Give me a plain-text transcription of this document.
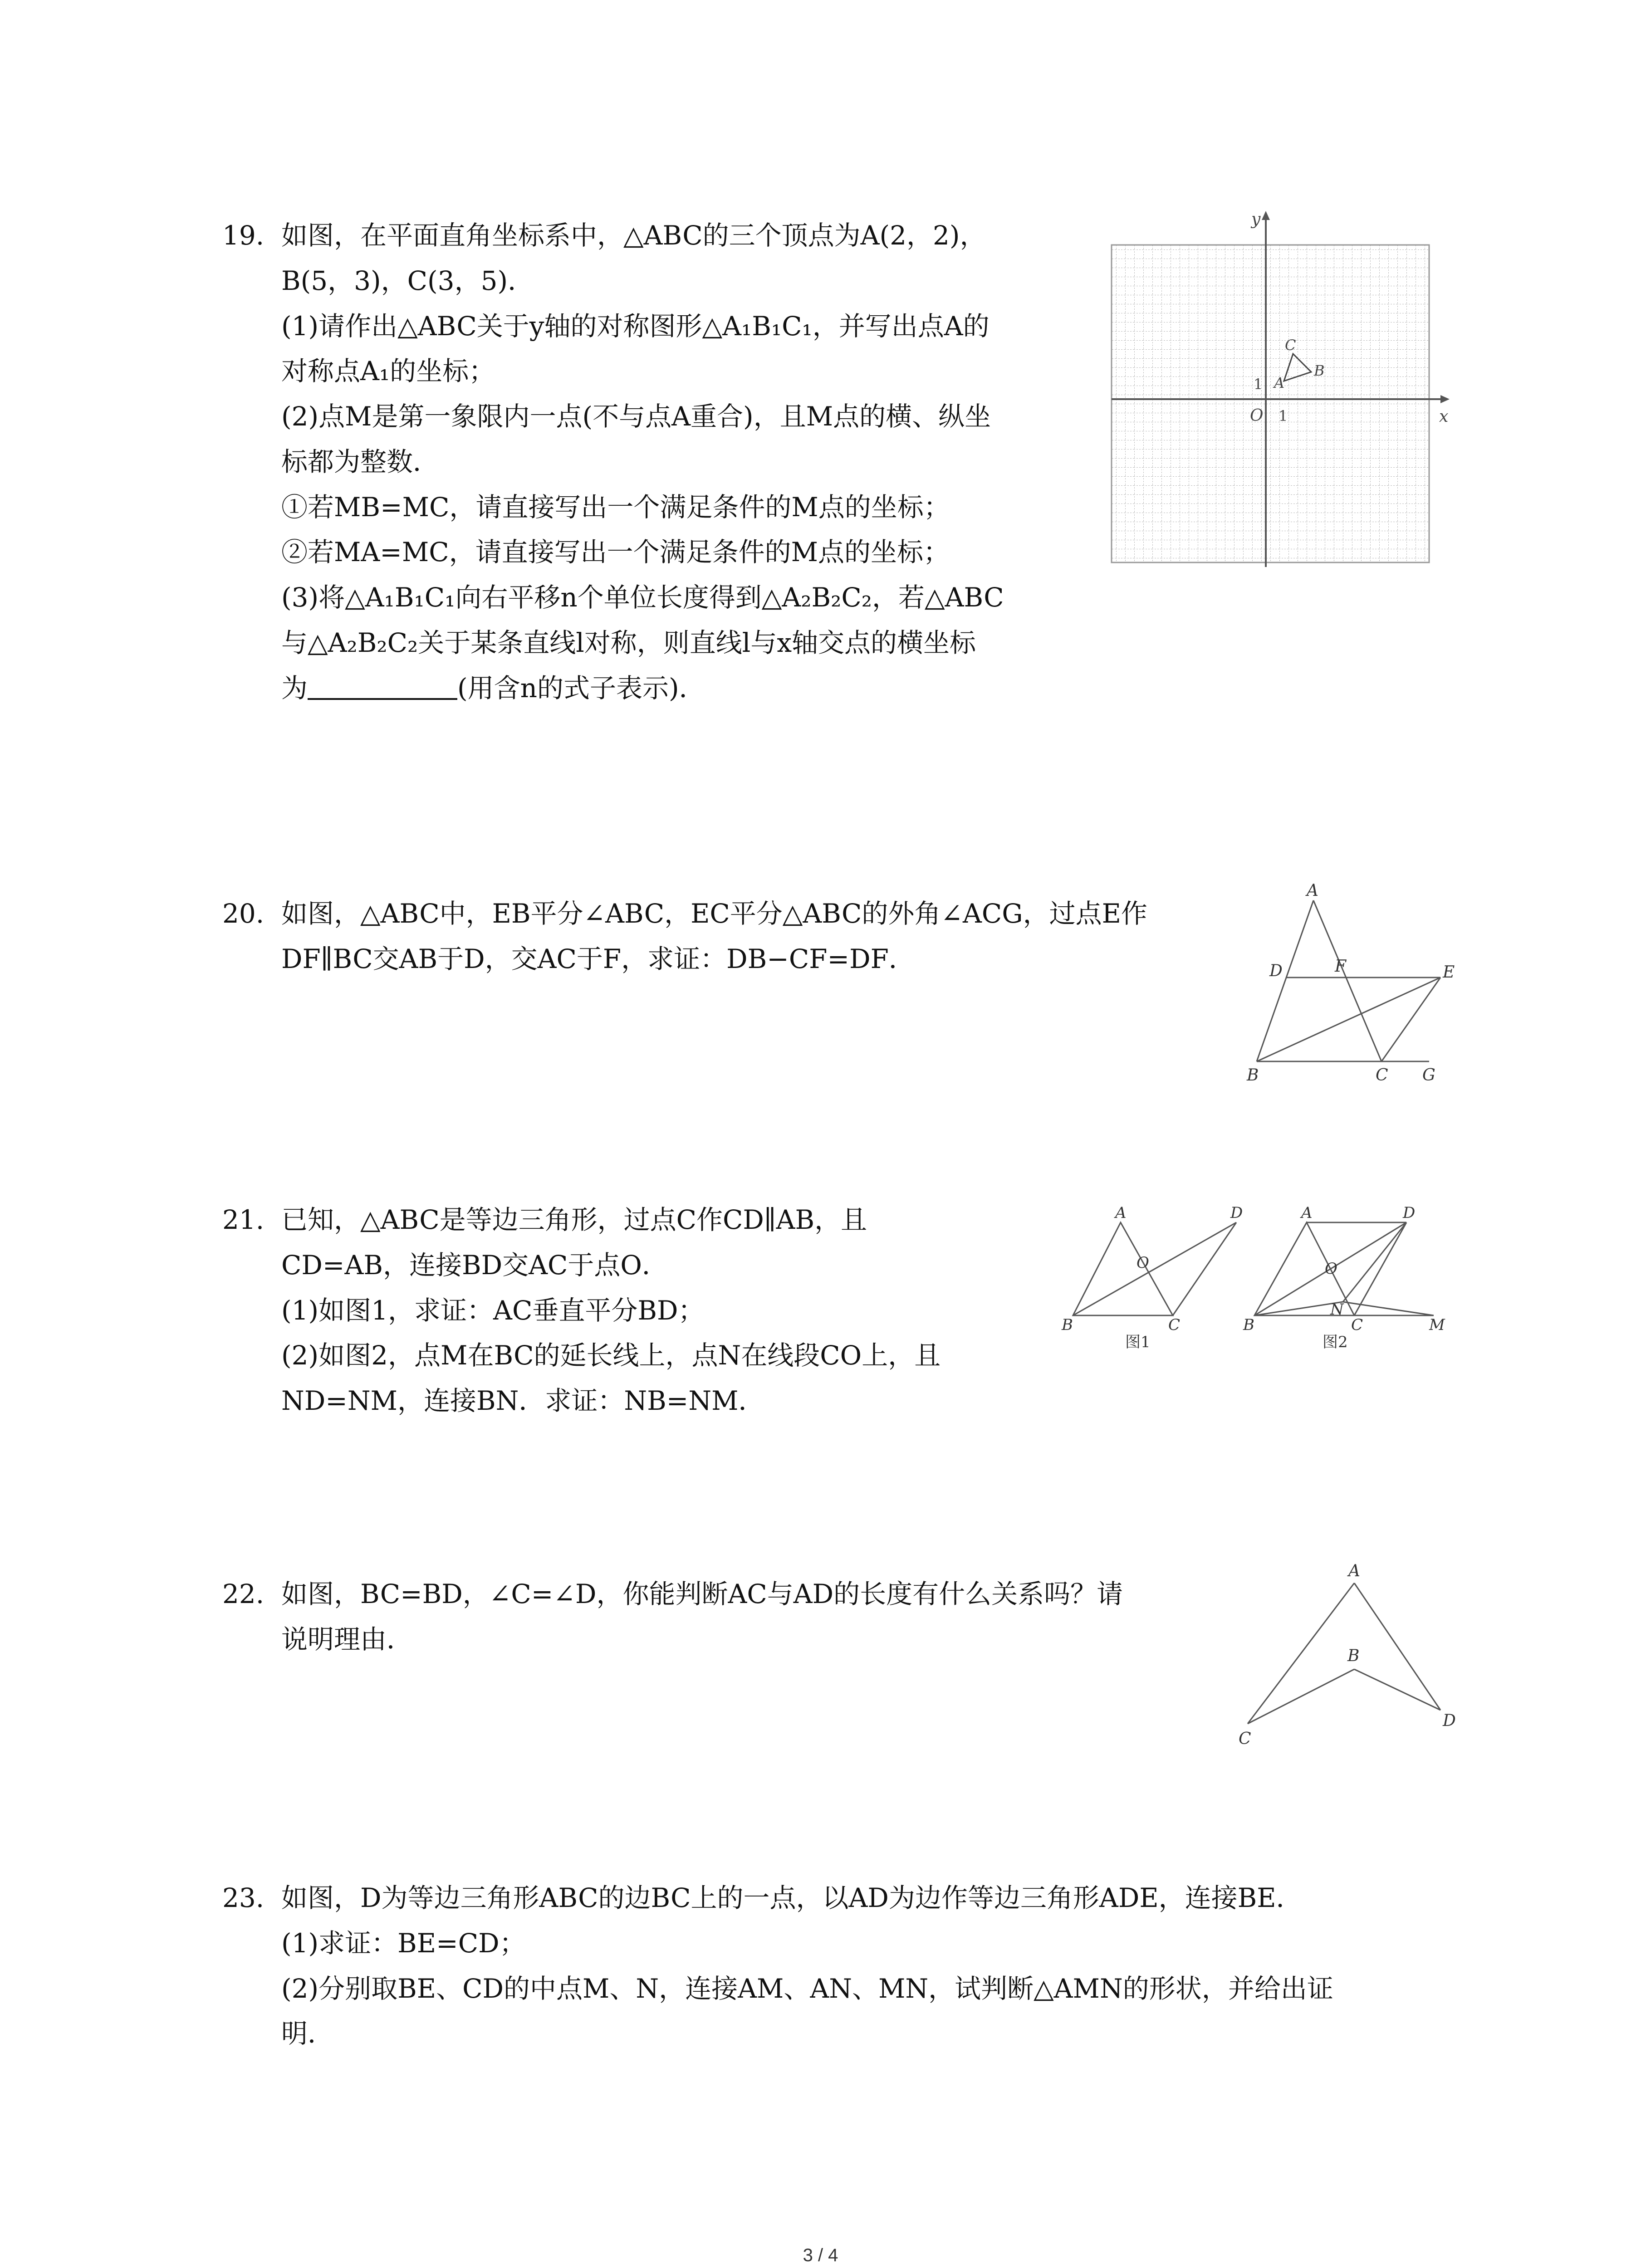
19. 如图，在平面直角坐标系中，△ABC的三个顶点为A(2，2)，
B(5，3)，C(3，5)．
(1)请作出△ABC关于y轴的对称图形△A₁B₁C₁，并写出点A的
对称点A₁的坐标；
(2)点M是第一象限内一点(不与点A重合)，且M点的横、纵坐
标都为整数．
①若MB=MC，请直接写出一个满足条件的M点的坐标；
②若MA=MC，请直接写出一个满足条件的M点的坐标；
(3)将△A₁B₁C₁向右平移n个单位长度得到△A₂B₂C₂，若△ABC
与△A₂B₂C₂关于某条直线l对称，则直线l与x轴交点的横坐标
为	(用含n的式子表示)．
y
x
O 1
1 A
B
C
20. 如图，△ABC中，EB平分∠ABC，EC平分△ABC的外角∠ACG，过点E作
DF∥BC交AB于D，交AC于F，求证：DB−CF=DF．
A
D	F	E
B	C G
21. 已知，△ABC是等边三角形，过点C作CD∥AB，且
CD=AB，连接BD交AC于点O．
(1)如图1，求证：AC垂直平分BD；
(2)如图2，点M在BC的延长线上，点N在线段CO上，且
ND=NM，连接BN．求证：NB=NM．
A	D
B	C
O
图1
A	D
B	C
O
N
M
图2
22. 如图，BC=BD，∠C=∠D，你能判断AC与AD的长度有什么关系吗？请
说明理由．
A
B
C
D
23. 如图，D为等边三角形ABC的边BC上的一点，以AD为边作等边三角形ADE，连接BE．
(1)求证：BE=CD；
(2)分别取BE、CD的中点M、N，连接AM、AN、MN，试判断△AMN的形状，并给出证
明．
3 / 4
